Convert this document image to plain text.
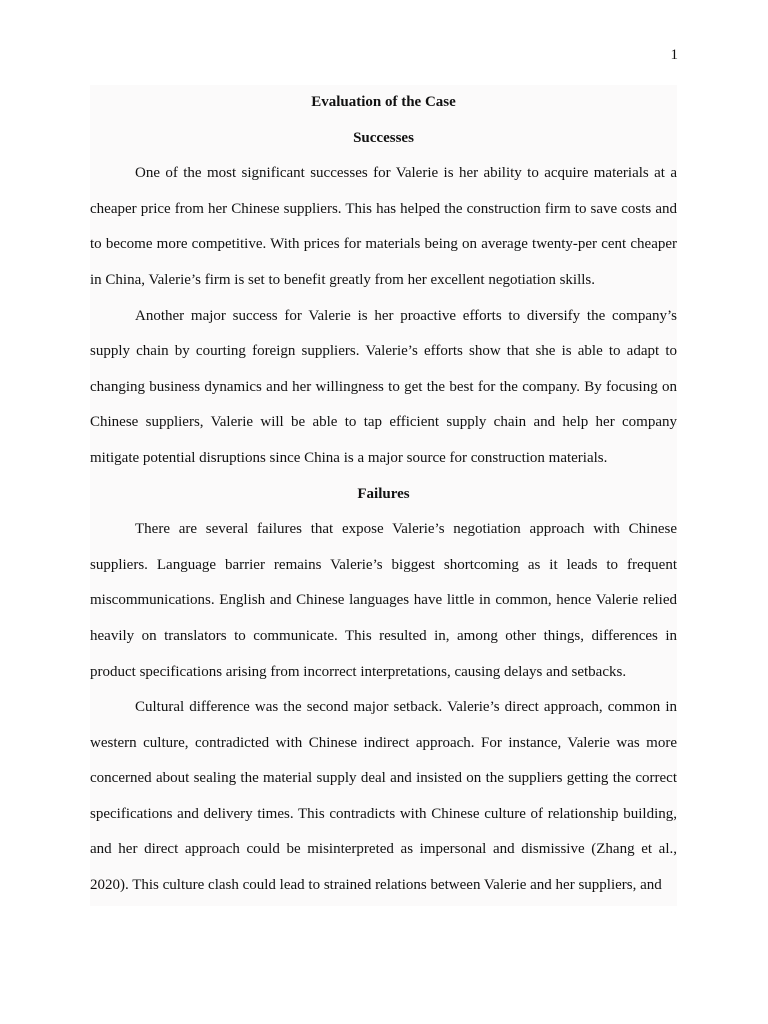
1
Evaluation of the Case
Successes

One of the most significant successes for Valerie is her ability to acquire materials at a cheaper price from her Chinese suppliers. This has helped the construction firm to save costs and to become more competitive. With prices for materials being on average twenty-per cent cheaper in China, Valerie’s firm is set to benefit greatly from her excellent negotiation skills.

Another major success for Valerie is her proactive efforts to diversify the company’s supply chain by courting foreign suppliers. Valerie’s efforts show that she is able to adapt to changing business dynamics and her willingness to get the best for the company. By focusing on Chinese suppliers, Valerie will be able to tap efficient supply chain and help her company mitigate potential disruptions since China is a major source for construction materials.

Failures

There are several failures that expose Valerie’s negotiation approach with Chinese suppliers. Language barrier remains Valerie’s biggest shortcoming as it leads to frequent miscommunications. English and Chinese languages have little in common, hence Valerie relied heavily on translators to communicate. This resulted in, among other things, differences in product specifications arising from incorrect interpretations, causing delays and setbacks.

Cultural difference was the second major setback. Valerie’s direct approach, common in western culture, contradicted with Chinese indirect approach. For instance, Valerie was more concerned about sealing the material supply deal and insisted on the suppliers getting the correct specifications and delivery times. This contradicts with Chinese culture of relationship building, and her direct approach could be misinterpreted as impersonal and dismissive (Zhang et al., 2020). This culture clash could lead to strained relations between Valerie and her suppliers, and
